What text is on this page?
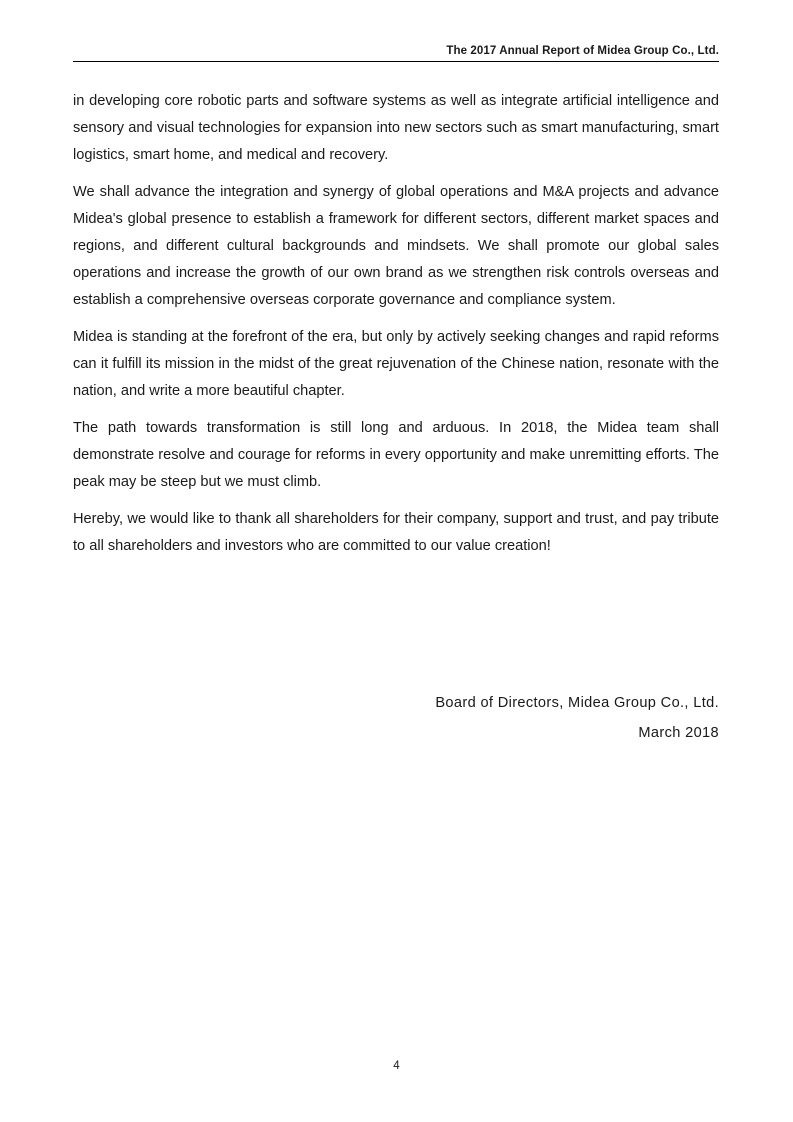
The 2017 Annual Report of Midea Group Co., Ltd.

in developing core robotic parts and software systems as well as integrate artificial intelligence and sensory and visual technologies for expansion into new sectors such as smart manufacturing, smart logistics, smart home, and medical and recovery.

We shall advance the integration and synergy of global operations and M&A projects and advance Midea's global presence to establish a framework for different sectors, different market spaces and regions, and different cultural backgrounds and mindsets. We shall promote our global sales operations and increase the growth of our own brand as we strengthen risk controls overseas and establish a comprehensive overseas corporate governance and compliance system.

Midea is standing at the forefront of the era, but only by actively seeking changes and rapid reforms can it fulfill its mission in the midst of the great rejuvenation of the Chinese nation, resonate with the nation, and write a more beautiful chapter.

The path towards transformation is still long and arduous. In 2018, the Midea team shall demonstrate resolve and courage for reforms in every opportunity and make unremitting efforts. The peak may be steep but we must climb.

Hereby, we would like to thank all shareholders for their company, support and trust, and pay tribute to all shareholders and investors who are committed to our value creation!

Board of Directors, Midea Group Co., Ltd.
March 2018
4
